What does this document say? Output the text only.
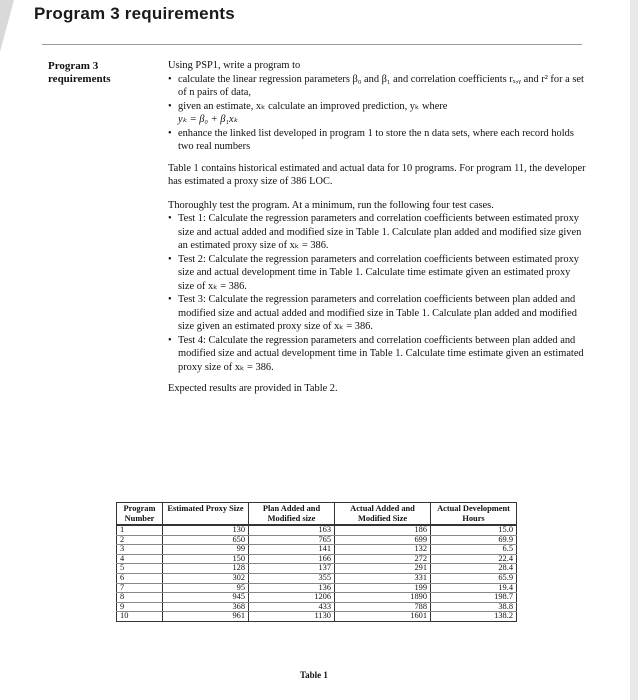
Program 3 requirements
Program 3 requirements

Using PSP1, write a program to

• calculate the linear regression parameters β₀ and β₁ and correlation coefficients rₓ,ᵧ and r² for a set of n pairs of data,
• given an estimate, xₖ calculate an improved prediction, yₖ where
yₖ = β₀ + β₁xₖ
• enhance the linked list developed in program 1 to store the n data sets, where each record holds two real numbers

Table 1 contains historical estimated and actual data for 10 programs. For program 11, the developer has estimated a proxy size of 386 LOC.

Thoroughly test the program. At a minimum, run the following four test cases.

• Test 1: Calculate the regression parameters and correlation coefficients between estimated proxy size and actual added and modified size in Table 1. Calculate plan added and modified size given an estimated proxy size of xₖ = 386.
• Test 2: Calculate the regression parameters and correlation coefficients between estimated proxy size and actual development time in Table 1. Calculate time estimate given an estimated proxy size of xₖ = 386.
• Test 3: Calculate the regression parameters and correlation coefficients between plan added and modified size and actual added and modified size in Table 1. Calculate plan added and modified size given an estimated proxy size of xₖ = 386.
• Test 4: Calculate the regression parameters and correlation coefficients between plan added and modified size and actual development time in Table 1. Calculate time estimate given an estimated proxy size of xₖ = 386.

Expected results are provided in Table 2.

Program Number	Estimated Proxy Size	Plan Added and Modified size	Actual Added and Modified Size	Actual Development Hours
1	130	163	186	15.0
2	650	765	699	69.9
3	99	141	132	6.5
4	150	166	272	22.4
5	128	137	291	28.4
6	302	355	331	65.9
7	95	136	199	19.4
8	945	1206	1890	198.7
9	368	433	788	38.8
10	961	1130	1601	138.2
Table 1
